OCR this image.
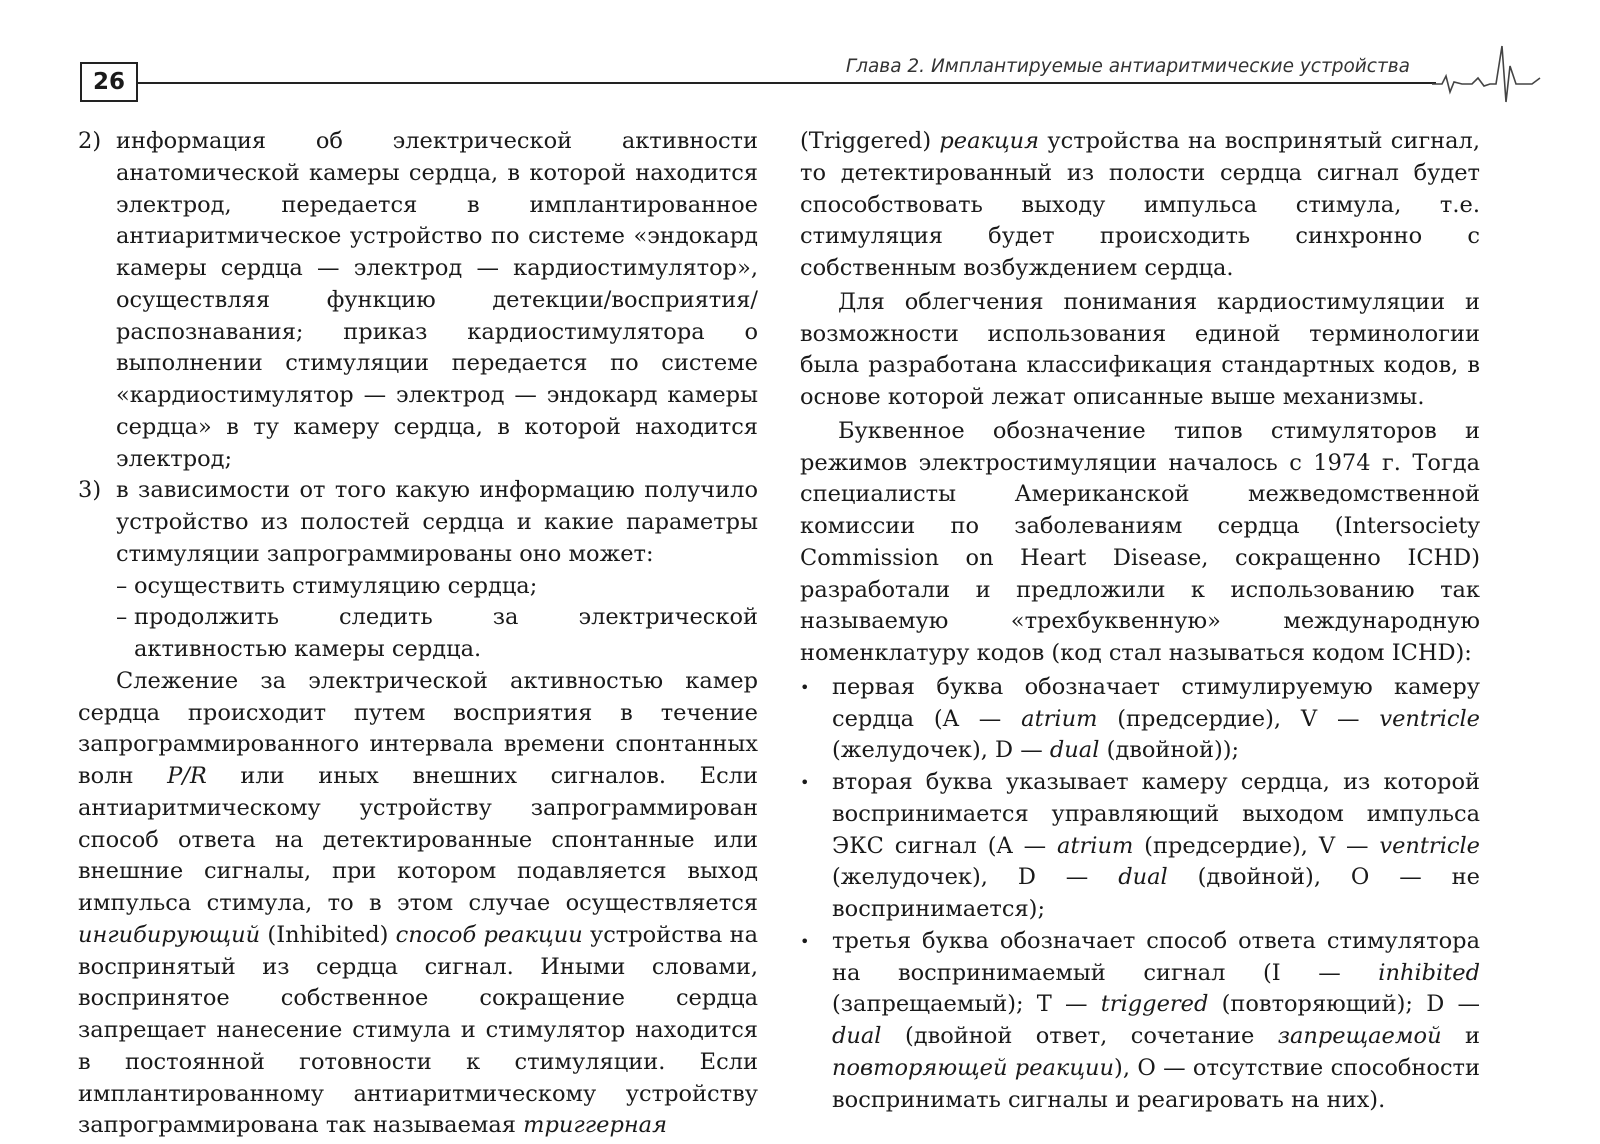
26
Глава 2. Имплантируемые антиаритмические устройства
2) информация об электрической активности анатомической камеры сердца, в которой находится электрод, передается в имплантированное антиаритмическое устройство по системе «эндокард камеры сердца — электрод — кардиостимулятор», осуществляя функцию детекции/восприятия/распознавания; приказ кардиостимулятора о выполнении стимуляции передается по системе «кардиостимулятор — электрод — эндокард камеры сердца» в ту камеру сердца, в которой находится электрод;
3) в зависимости от того какую информацию получило устройство из полостей сердца и какие параметры стимуляции запрограммированы оно может:
– осуществить стимуляцию сердца;
– продолжить следить за электрической активностью камеры сердца.

Слежение за электрической активностью камер сердца происходит путем восприятия в течение запрограммированного интервала времени спонтанных волн P/R или иных внешних сигналов. Если антиаритмическому устройству запрограммирован способ ответа на детектированные спонтанные или внешние сигналы, при котором подавляется выход импульса стимула, то в этом случае осуществляется ингибирующий (Inhibited) способ реакции устройства на воспринятый из сердца сигнал. Иными словами, воспринятое собственное сокращение сердца запрещает нанесение стимула и стимулятор находится в постоянной готовности к стимуляции. Если имплантированному антиаритмическому устройству запрограммирована так называемая триггерная

(Triggered) реакция устройства на воспринятый сигнал, то детектированный из полости сердца сигнал будет способствовать выходу импульса стимула, т.е. стимуляция будет происходить синхронно с собственным возбуждением сердца.

Для облегчения понимания кардиостимуляции и возможности использования единой терминологии была разработана классификация стандартных кодов, в основе которой лежат описанные выше механизмы.

Буквенное обозначение типов стимуляторов и режимов электростимуляции началось с 1974 г. Тогда специалисты Американской межведомственной комиссии по заболеваниям сердца (Intersociety Commission on Heart Disease, сокращенно ICHD) разработали и предложили к использованию так называемую «трехбуквенную» международную номенклатуру кодов (код стал называться кодом ICHD):

•	первая буква обозначает стимулируемую камеру сердца (A — atrium (предсердие), V — ventricle (желудочек), D — dual (двойной));
•	вторая буква указывает камеру сердца, из которой воспринимается управляющий выходом импульса ЭКС сигнал (A — atrium (предсердие), V — ventricle (желудочек), D — dual (двойной), O — не воспринимается);
•	третья буква обозначает способ ответа стимулятора на воспринимаемый сигнал (I — inhibited (запрещаемый); T — triggered (повторяющий); D — dual (двойной ответ, сочетание запрещаемой и повторяющей реакции), O — отсутствие способности воспринимать сигналы и реагировать на них).
